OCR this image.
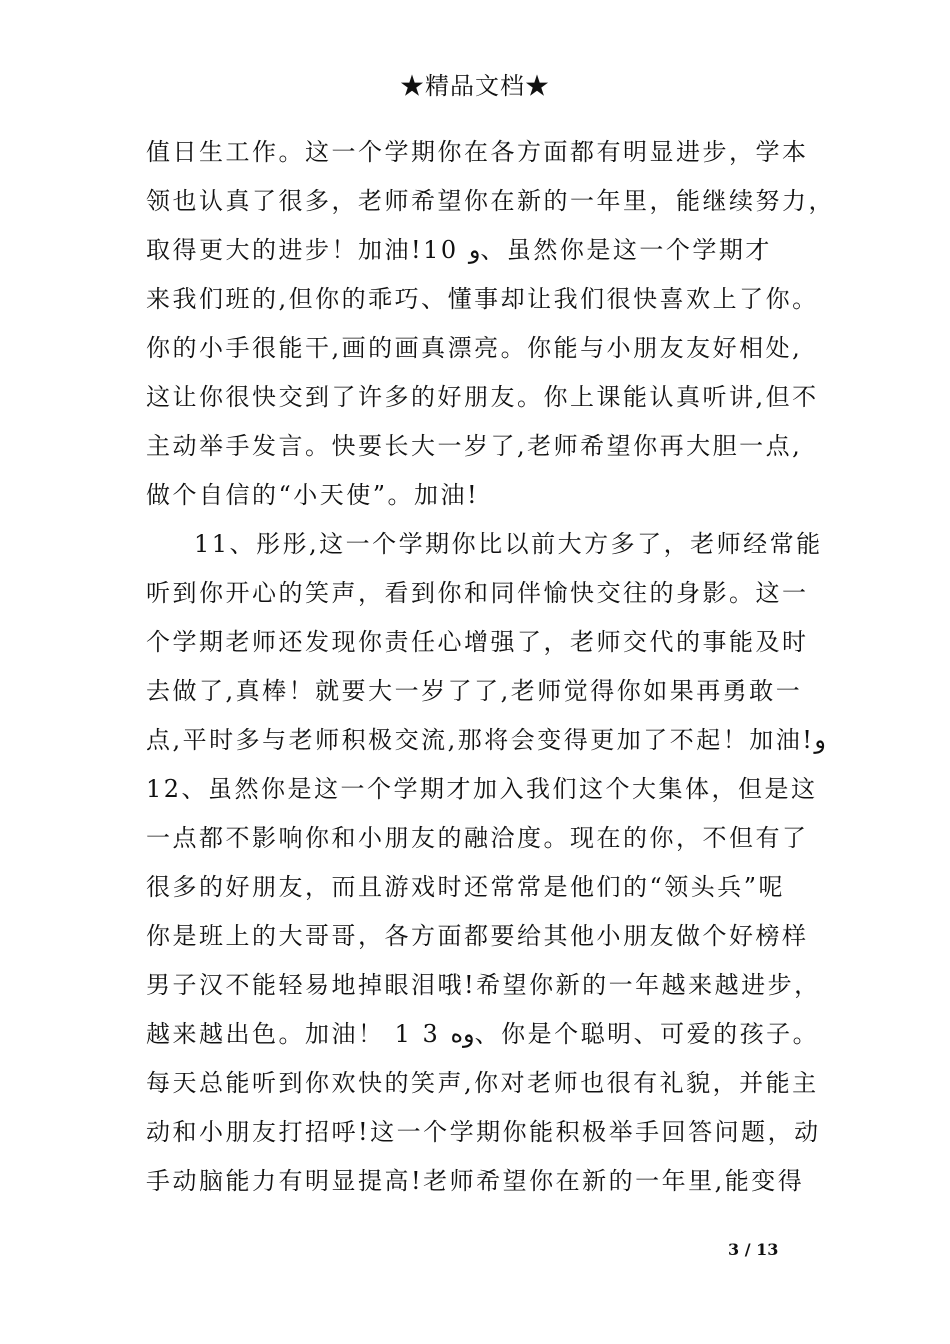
★精品文档★
值日生工作。这一个学期你在各方面都有明显进步，学本
领也认真了很多，老师希望你在新的一年里，能继续努力，
取得更大的进步！加油!10 و、虽然你是这一个学期才
来我们班的,但你的乖巧、懂事却让我们很快喜欢上了你。
你的小手很能干,画的画真漂亮。你能与小朋友友好相处,
这让你很快交到了许多的好朋友。你上课能认真听讲,但不
主动举手发言。快要长大一岁了,老师希望你再大胆一点,
做个自信的“小天使”。加油!
11、彤彤,这一个学期你比以前大方多了，老师经常能
听到你开心的笑声，看到你和同伴愉快交往的身影。这一
个学期老师还发现你责任心增强了，老师交代的事能及时
去做了,真棒！就要大一岁了了,老师觉得你如果再勇敢一
点,平时多与老师积极交流,那将会变得更加了不起！加油!و
12、虽然你是这一个学期才加入我们这个大集体，但是这
一点都不影响你和小朋友的融洽度。现在的你，不但有了
很多的好朋友，而且游戏时还常常是他们的“领头兵”呢
你是班上的大哥哥，各方面都要给其他小朋友做个好榜样
男子汉不能轻易地掉眼泪哦!希望你新的一年越来越进步，
越来越出色。加油！ 1 3 وه、你是个聪明、可爱的孩子。
每天总能听到你欢快的笑声,你对老师也很有礼貌，并能主
动和小朋友打招呼!这一个学期你能积极举手回答问题，动
手动脑能力有明显提高!老师希望你在新的一年里,能变得
3 / 13
